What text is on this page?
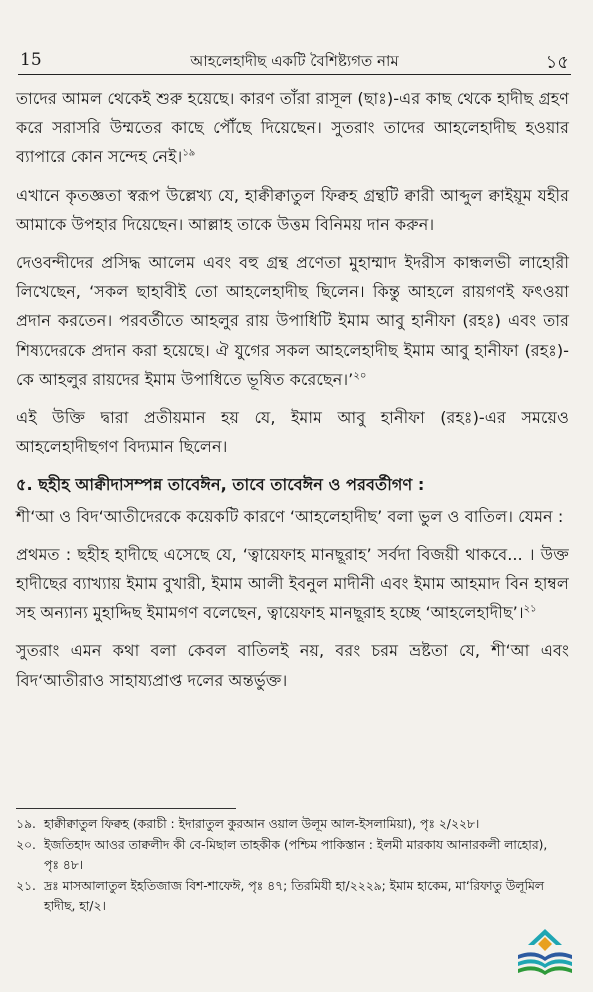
15	আহলেহাদীছ একটি বৈশিষ্ট্যগত নাম	১৫

তাদের আমল থেকেই শুরু হয়েছে। কারণ তাঁরা রাসূল (ছাঃ)-এর কাছ থেকে হাদীছ গ্রহণ করে সরাসরি উম্মতের কাছে পৌঁছে দিয়েছেন। সুতরাং তাদের আহলেহাদীছ হওয়ার ব্যাপারে কোন সন্দেহ নেই।$^{১৯}$

এখানে কৃতজ্ঞতা স্বরূপ উল্লেখ্য যে, হাক্বীক্বাতুল ফিক্বহ গ্রন্থটি ক্বারী আব্দুল ক্বাইয়ূম যহীর আমাকে উপহার দিয়েছেন। আল্লাহ তাকে উত্তম বিনিময় দান করুন।

দেওবন্দীদের প্রসিদ্ধ আলেম এবং বহু গ্রন্থ প্রণেতা মুহাম্মাদ ইদরীস কান্ধলভী লাহোরী লিখেছেন, ‘সকল ছাহাবীই তো আহলেহাদীছ ছিলেন। কিন্তু আহলে রায়গণই ফৎওয়া প্রদান করতেন। পরবর্তীতে আহলুর রায় উপাধিটি ইমাম আবু হানীফা (রহঃ) এবং তার শিষ্যদেরকে প্রদান করা হয়েছে। ঐ যুগের সকল আহলেহাদীছ ইমাম আবু হানীফা (রহঃ)-কে আহলুর রায়দের ইমাম উপাধিতে ভূষিত করেছেন।’$^{২০}$

এই উক্তি দ্বারা প্রতীয়মান হয় যে, ইমাম আবু হানীফা (রহঃ)-এর সময়েও আহলেহাদীছগণ বিদ্যমান ছিলেন।

৫. ছহীহ আক্বীদাসম্পন্ন তাবেঈন, তাবে তাবেঈন ও পরবর্তীগণ :

শী‘আ ও বিদ‘আতীদেরকে কয়েকটি কারণে ‘আহলেহাদীছ’ বলা ভুল ও বাতিল। যেমন :

প্রথমত : ছহীহ হাদীছে এসেছে যে, ‘ত্বায়েফাহ মানছূরাহ’ সর্বদা বিজয়ী থাকবে... । উক্ত হাদীছের ব্যাখ্যায় ইমাম বুখারী, ইমাম আলী ইবনুল মাদীনী এবং ইমাম আহমাদ বিন হাম্বল সহ অন্যান্য মুহাদ্দিছ ইমামগণ বলেছেন, ত্বায়েফাহ মানছূরাহ হচ্ছে ‘আহলেহাদীছ’।$^{২১}$

সুতরাং এমন কথা বলা কেবল বাতিলই নয়, বরং চরম ভ্রষ্টতা যে, শী‘আ এবং বিদ‘আতীরাও সাহায্যপ্রাপ্ত দলের অন্তর্ভুক্ত।

১৯. হাক্বীক্বাতুল ফিক্বহ (করাচী : ইদারাতুল কুরআন ওয়াল উলূম আল-ইসলামিয়া), পৃঃ ২/২২৮।
২০. ইজতিহাদ আওর তাক্বলীদ কী বে-মিছাল তাহকীক (পশ্চিম পাকিস্তান : ইলমী মারকায আনারকলী লাহোর), পৃঃ ৪৮।
২১. দ্রঃ মাসআলাতুল ইহতিজাজ বিশ-শাফেঈ, পৃঃ ৪৭; তিরমিযী হা/২২২৯; ইমাম হাকেম, মা‘রিফাতু উলূমিল হাদীছ, হা/২।
